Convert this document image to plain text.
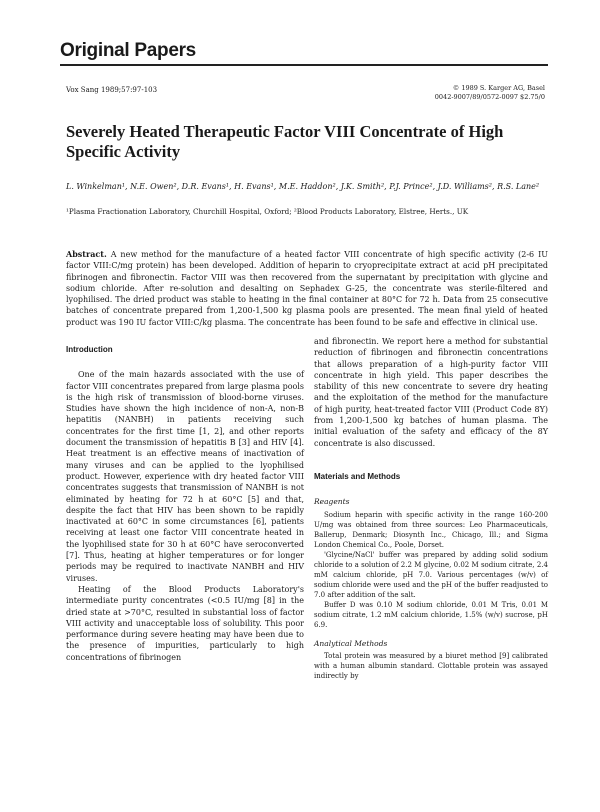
Original Papers
Vox Sang 1989;57:97-103	© 1989 S. Karger AG, Basel
0042-9007/89/0572-0097 $2.75/0
Severely Heated Therapeutic Factor VIII Concentrate of High Specific Activity
L. Winkelman¹, N.E. Owen², D.R. Evans¹, H. Evans¹, M.E. Haddon², J.K. Smith², P.J. Prince², J.D. Williams², R.S. Lane²
¹Plasma Fractionation Laboratory, Churchill Hospital, Oxford; ²Blood Products Laboratory, Elstree, Herts., UK
Abstract. A new method for the manufacture of a heated factor VIII concentrate of high specific activity (2-6 IU factor VIII:C/mg protein) has been developed. Addition of heparin to cryoprecipitate extract at acid pH precipitated fibrinogen and fibronectin. Factor VIII was then recovered from the supernatant by precipitation with glycine and sodium chloride. After re-solution and desalting on Sephadex G-25, the concentrate was sterile-filtered and lyophilised. The dried product was stable to heating in the final container at 80°C for 72 h. Data from 25 consecutive batches of concentrate prepared from 1,200-1,500 kg plasma pools are presented. The mean final yield of heated product was 190 IU factor VIII:C/kg plasma. The concentrate has been found to be safe and effective in clinical use.
Introduction

One of the main hazards associated with the use of factor VIII concentrates prepared from large plasma pools is the high risk of transmission of blood-borne viruses. Studies have shown the high incidence of non-A, non-B hepatitis (NANBH) in patients receiving such concentrates for the first time [1, 2], and other reports document the transmission of hepatitis B [3] and HIV [4]. Heat treatment is an effective means of inactivation of many viruses and can be applied to the lyophilised product. However, experience with dry heated factor VIII concentrates suggests that transmission of NANBH is not eliminated by heating for 72 h at 60°C [5] and that, despite the fact that HIV has been shown to be rapidly inactivated at 60°C in some circumstances [6], patients receiving at least one factor VIII concentrate heated in the lyophilised state for 30 h at 60°C have seroconverted [7]. Thus, heating at higher temperatures or for longer periods may be required to inactivate NANBH and HIV viruses.

Heating of the Blood Products Laboratory's intermediate purity concentrates (<0.5 IU/mg [8] in the dried state at >70°C, resulted in substantial loss of factor VIII activity and unacceptable loss of solubility. This poor performance during severe heating may have been due to the presence of impurities, particularly to high concentrations of fibrinogen

and fibronectin. We report here a method for substantial reduction of fibrinogen and fibronectin concentrations that allows preparation of a high-purity factor VIII concentrate in high yield. This paper describes the stability of this new concentrate to severe dry heating and the exploitation of the method for the manufacture of high purity, heat-treated factor VIII (Product Code 8Y) from 1,200-1,500 kg batches of human plasma. The initial evaluation of the safety and efficacy of the 8Y concentrate is also discussed.

Materials and Methods
Reagents

Sodium heparin with specific activity in the range 160-200 U/mg was obtained from three sources: Leo Pharmaceuticals, Ballerup, Denmark; Diosynth Inc., Chicago, Ill.; and Sigma London Chemical Co., Poole, Dorset.

'Glycine/NaCl' buffer was prepared by adding solid sodium chloride to a solution of 2.2 M glycine, 0.02 M sodium citrate, 2.4 mM calcium chloride, pH 7.0. Various percentages (w/v) of sodium chloride were used and the pH of the buffer readjusted to 7.0 after addition of the salt.

Buffer D was 0.10 M sodium chloride, 0.01 M Tris, 0.01 M sodium citrate, 1.2 mM calcium chloride, 1.5% (w/v) sucrose, pH 6.9.

Analytical Methods

Total protein was measured by a biuret method [9] calibrated with a human albumin standard. Clottable protein was assayed indirectly by
